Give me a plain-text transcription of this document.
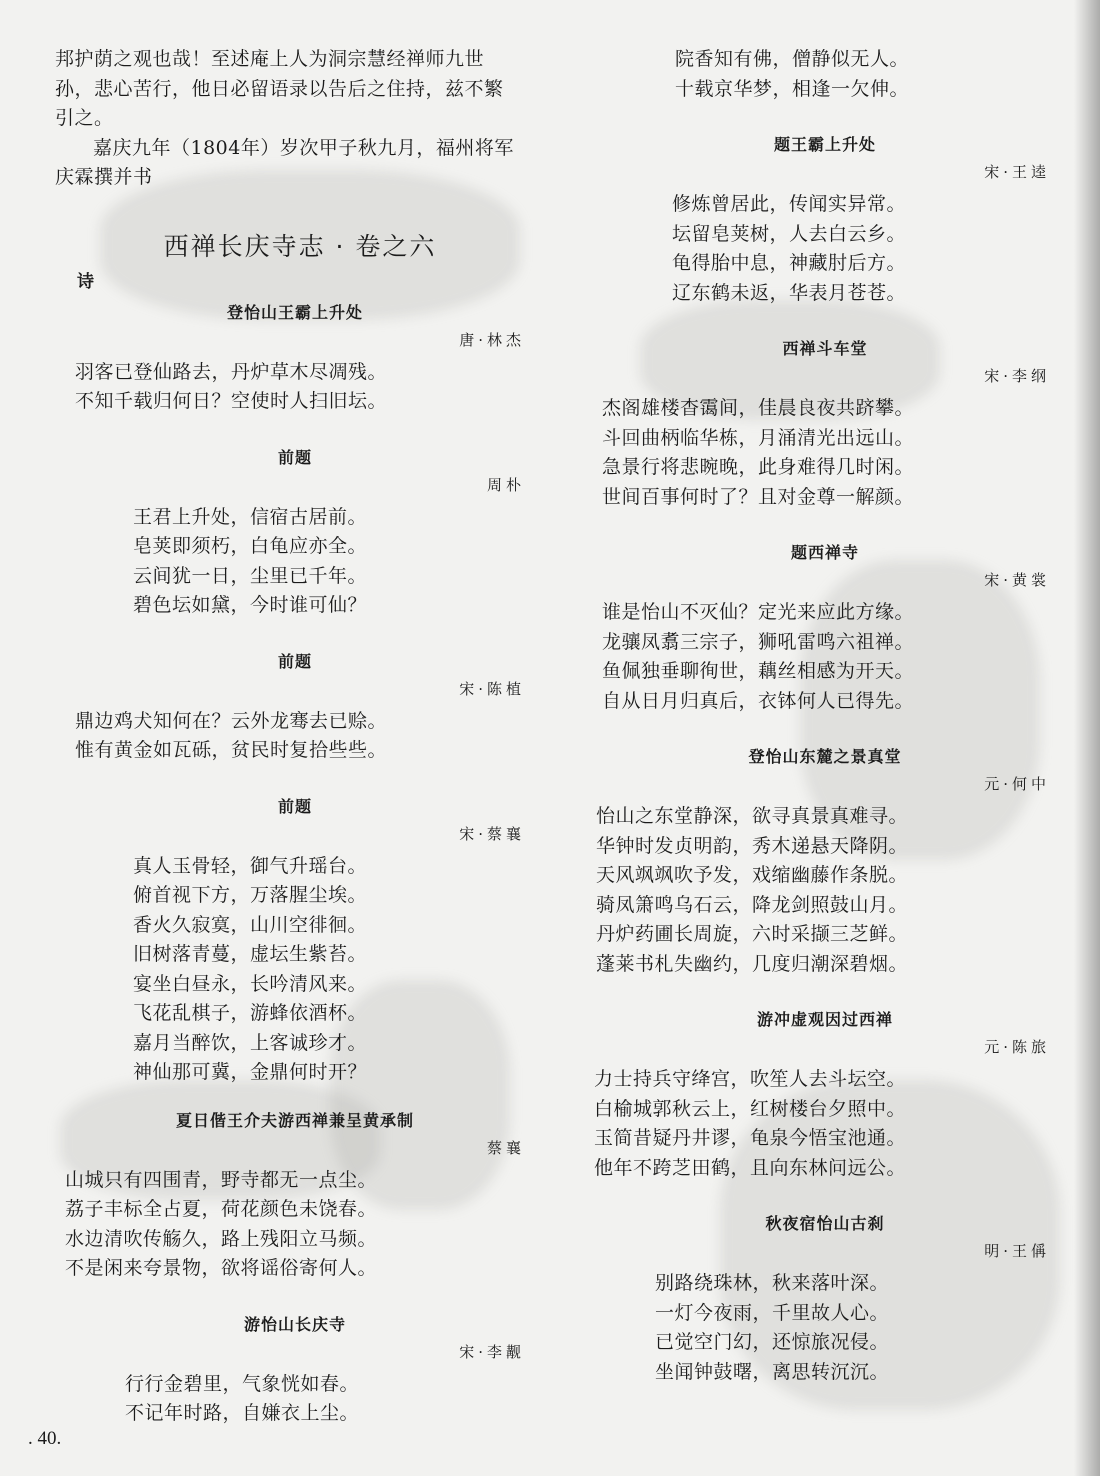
邦护荫之观也哉！至述庵上人为洞宗慧经禅师九世
孙，悲心苦行，他日必留语录以告后之住持，兹不繁
引之。
嘉庆九年（1804年）岁次甲子秋九月，福州将军
庆霖撰并书
西禅长庆寺志 · 卷之六
诗
登怡山王霸上升处
唐·林杰
羽客已登仙路去，丹炉草木尽凋残。
不知千载归何日？空使时人扫旧坛。
前题
周朴
王君上升处，信宿古居前。
皂荚即须朽，白龟应亦全。
云间犹一日，尘里已千年。
碧色坛如黛，今时谁可仙？
前题
宋·陈植
鼎边鸡犬知何在？云外龙骞去已赊。
惟有黄金如瓦砾，贫民时复拾些些。
前题
宋·蔡襄
真人玉骨轻，御气升瑶台。
俯首视下方，万落腥尘埃。
香火久寂寞，山川空徘徊。
旧树落青蔓，虚坛生紫苔。
宴坐白昼永，长吟清风来。
飞花乱棋子，游蜂依酒杯。
嘉月当醉饮，上客诚珍才。
神仙那可冀，金鼎何时开？
夏日偕王介夫游西禅兼呈黄承制
蔡襄
山城只有四围青，野寺都无一点尘。
荔子丰标全占夏，荷花颜色未饶春。
水边清吹传觞久，路上残阳立马频。
不是闲来夸景物，欲将谣俗寄何人。
游怡山长庆寺
宋·李觏
行行金碧里，气象恍如春。
不记年时路，自嫌衣上尘。
院香知有佛，僧静似无人。
十载京华梦，相逢一欠伸。
题王霸上升处
宋·王逵
修炼曾居此，传闻实异常。
坛留皂荚树，人去白云乡。
龟得胎中息，神藏肘后方。
辽东鹤未返，华表月苍苍。
西禅斗车堂
宋·李纲
杰阁雄楼杳霭间，佳晨良夜共跻攀。
斗回曲柄临华栋，月涌清光出远山。
急景行将悲晼晚，此身难得几时闲。
世间百事何时了？且对金尊一解颜。
题西禅寺
宋·黄裳
谁是怡山不灭仙？定光来应此方缘。
龙骧凤翥三宗子，狮吼雷鸣六祖禅。
鱼佩独垂聊徇世，藕丝相感为开天。
自从日月归真后，衣钵何人已得先。
登怡山东麓之景真堂
元·何中
怡山之东堂静深，欲寻真景真难寻。
华钟时发贞明韵，秀木递悬天降阴。
天风飒飒吹予发，戏缩幽藤作条脱。
骑凤箫鸣乌石云，降龙剑照鼓山月。
丹炉药圃长周旋，六时采撷三芝鲜。
蓬莱书札失幽约，几度归潮深碧烟。
游冲虚观因过西禅
元·陈旅
力士持兵守绛宫，吹笙人去斗坛空。
白榆城郭秋云上，红树楼台夕照中。
玉简昔疑丹井谬，龟泉今悟宝池通。
他年不跨芝田鹤，且向东林问远公。
秋夜宿怡山古刹
明·王偁
别路绕珠林，秋来落叶深。
一灯今夜雨，千里故人心。
已觉空门幻，还惊旅况侵。
坐闻钟鼓曙，离思转沉沉。
. 40.
